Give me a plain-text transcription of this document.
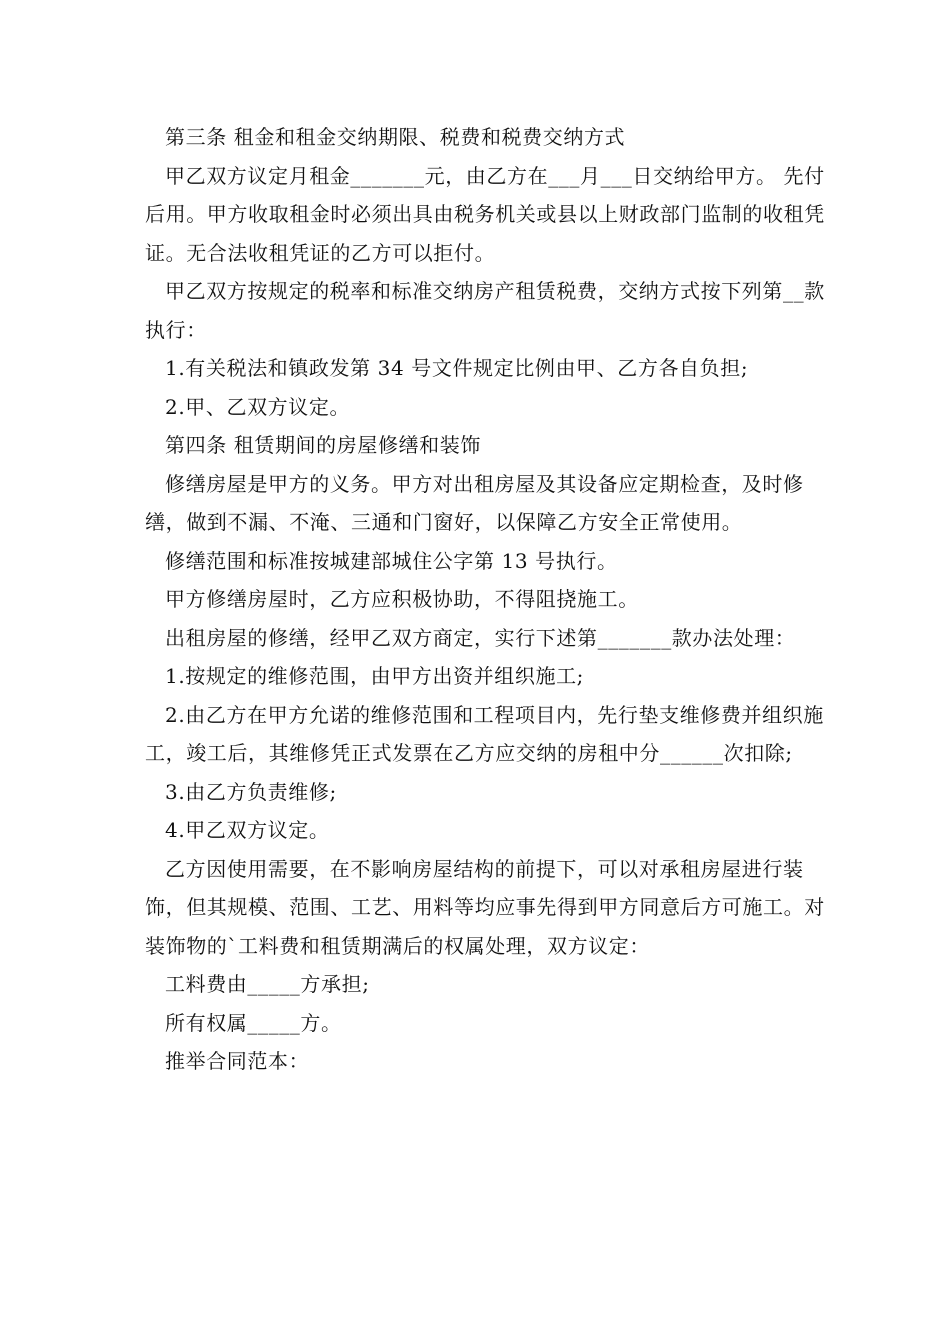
第三条 租金和租金交纳期限、税费和税费交纳方式

甲乙双方议定月租金_______元，由乙方在___月___日交纳给甲方。 先付后用。甲方收取租金时必须出具由税务机关或县以上财政部门监制的收租凭证。无合法收租凭证的乙方可以拒付。

甲乙双方按规定的税率和标准交纳房产租赁税费，交纳方式按下列第__款执行：

1.有关税法和镇政发第 34 号文件规定比例由甲、乙方各自负担;

2.甲、乙双方议定。

第四条 租赁期间的房屋修缮和装饰

修缮房屋是甲方的义务。甲方对出租房屋及其设备应定期检查，及时修缮，做到不漏、不淹、三通和门窗好，以保障乙方安全正常使用。

修缮范围和标准按城建部城住公字第 13 号执行。

甲方修缮房屋时，乙方应积极协助，不得阻挠施工。

出租房屋的修缮，经甲乙双方商定，实行下述第_______款办法处理：

1.按规定的维修范围，由甲方出资并组织施工;

2.由乙方在甲方允诺的维修范围和工程项目内，先行垫支维修费并组织施工，竣工后，其维修凭正式发票在乙方应交纳的房租中分______次扣除;

3.由乙方负责维修;

4.甲乙双方议定。

乙方因使用需要，在不影响房屋结构的前提下，可以对承租房屋进行装饰，但其规模、范围、工艺、用料等均应事先得到甲方同意后方可施工。对装饰物的`工料费和租赁期满后的权属处理，双方议定：

工料费由_____方承担;

所有权属_____方。

推举合同范本：
